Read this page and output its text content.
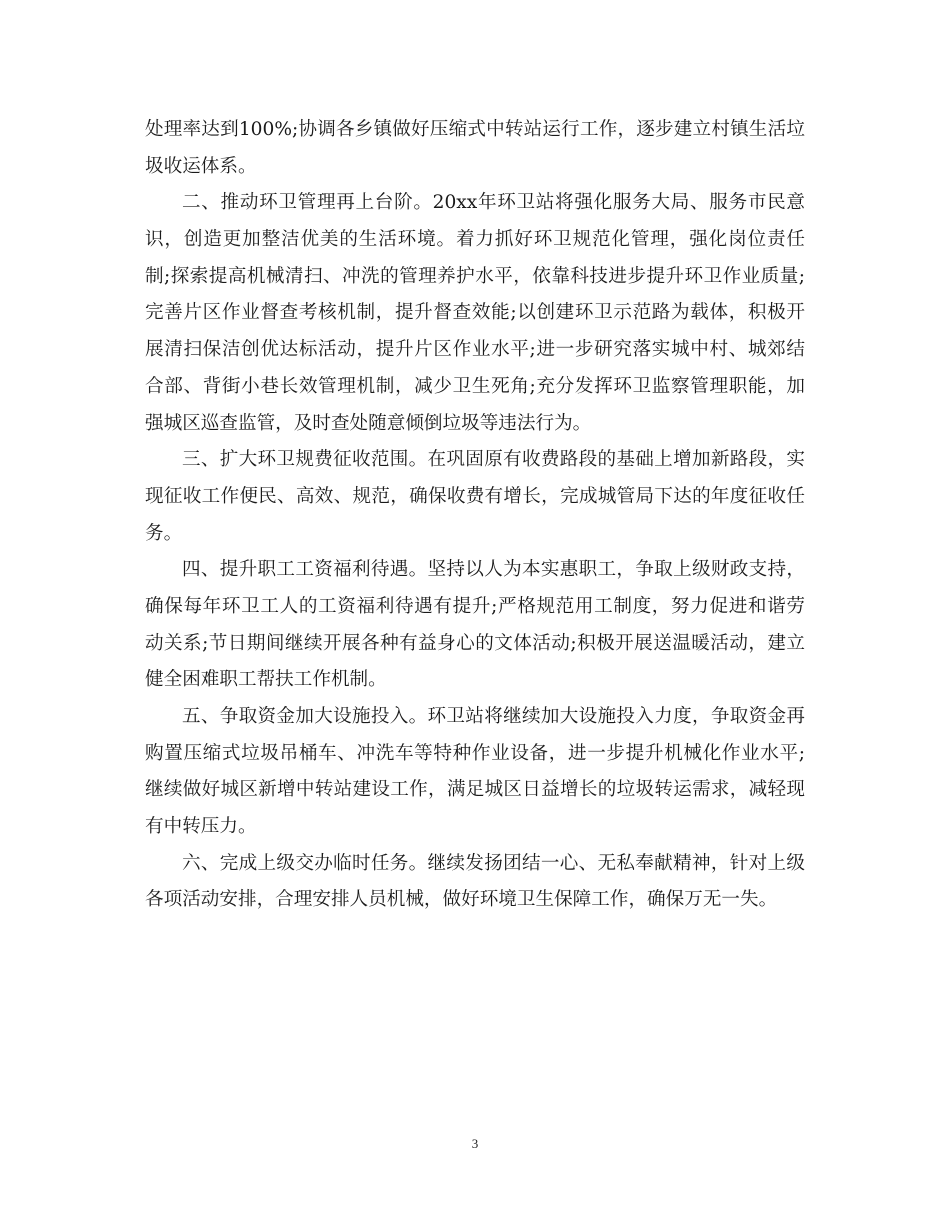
处理率达到100%;协调各乡镇做好压缩式中转站运行工作，逐步建立村镇生活垃
圾收运体系。
二、推动环卫管理再上台阶。20xx年环卫站将强化服务大局、服务市民意
识，创造更加整洁优美的生活环境。着力抓好环卫规范化管理，强化岗位责任
制;探索提高机械清扫、冲洗的管理养护水平，依靠科技进步提升环卫作业质量;
完善片区作业督查考核机制，提升督查效能;以创建环卫示范路为载体，积极开
展清扫保洁创优达标活动，提升片区作业水平;进一步研究落实城中村、城郊结
合部、背街小巷长效管理机制，减少卫生死角;充分发挥环卫监察管理职能，加
强城区巡查监管，及时查处随意倾倒垃圾等违法行为。
三、扩大环卫规费征收范围。在巩固原有收费路段的基础上增加新路段，实
现征收工作便民、高效、规范，确保收费有增长，完成城管局下达的年度征收任
务。
四、提升职工工资福利待遇。坚持以人为本实惠职工，争取上级财政支持，
确保每年环卫工人的工资福利待遇有提升;严格规范用工制度，努力促进和谐劳
动关系;节日期间继续开展各种有益身心的文体活动;积极开展送温暖活动，建立
健全困难职工帮扶工作机制。
五、争取资金加大设施投入。环卫站将继续加大设施投入力度，争取资金再
购置压缩式垃圾吊桶车、冲洗车等特种作业设备，进一步提升机械化作业水平;
继续做好城区新增中转站建设工作，满足城区日益增长的垃圾转运需求，减轻现
有中转压力。
六、完成上级交办临时任务。继续发扬团结一心、无私奉献精神，针对上级
各项活动安排，合理安排人员机械，做好环境卫生保障工作，确保万无一失。
3
